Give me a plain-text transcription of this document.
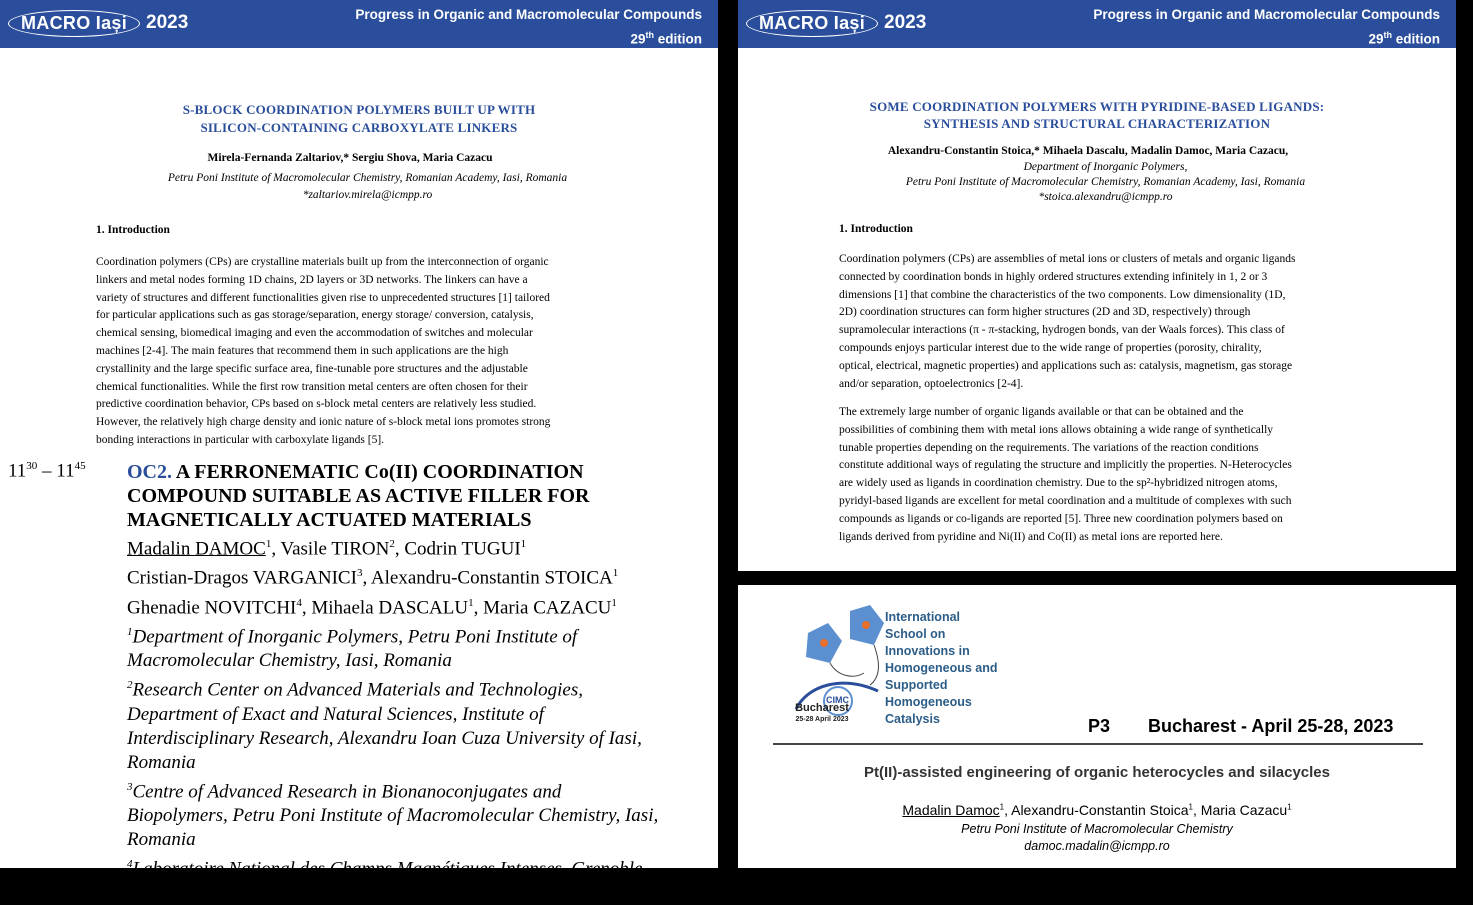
MACRO Iași	2023	Progress in Organic and Macromolecular Compounds
29th edition
S-BLOCK COORDINATION POLYMERS BUILT UP WITH
SILICON-CONTAINING CARBOXYLATE LINKERS
Mirela-Fernanda Zaltariov,* Sergiu Shova, Maria Cazacu
Petru Poni Institute of Macromolecular Chemistry, Romanian Academy, Iasi, Romania
*zaltariov.mirela@icmpp.ro
1. Introduction
Coordination polymers (CPs) are crystalline materials built up from the interconnection of organic
linkers and metal nodes forming 1D chains, 2D layers or 3D networks. The linkers can have a
variety of structures and different functionalities given rise to unprecedented structures [1] tailored
for particular applications such as gas storage/separation, energy storage/ conversion, catalysis,
chemical sensing, biomedical imaging and even the accommodation of switches and molecular
machines [2-4]. The main features that recommend them in such applications are the high
crystallinity and the large specific surface area, fine-tunable pore structures and the adjustable
chemical functionalities. While the first row transition metal centers are often chosen for their
predictive coordination behavior, CPs based on s-block metal centers are relatively less studied.
However, the relatively high charge density and ionic nature of s-block metal ions promotes strong
bonding interactions in particular with carboxylate ligands [5].
$11^{30} - 11^{45}$ OC2. A FERRONEMATIC Co(II) COORDINATION
COMPOUND SUITABLE AS ACTIVE FILLER FOR
MAGNETICALLY ACTUATED MATERIALS
Madalin DAMOC$^1$, Vasile TIRON$^2$, Codrin TUGUI$^1$
Cristian-Dragos VARGANICI$^3$, Alexandru-Constantin STOICA$^1$
Ghenadie NOVITCHI$^4$, Mihaela DASCALU$^1$, Maria CAZACU$^1$
$^1$Department of Inorganic Polymers, Petru Poni Institute of
Macromolecular Chemistry, Iasi, Romania
$^2$Research Center on Advanced Materials and Technologies,
Department of Exact and Natural Sciences, Institute of
Interdisciplinary Research, Alexandru Ioan Cuza University of Iasi,
Romania
$^3$Centre of Advanced Research in Bionanoconjugates and
Biopolymers, Petru Poni Institute of Macromolecular Chemistry, Iasi,
Romania
$^4$Laboratoire National des Champs Magnétiques Intenses, Grenoble,
France
MACRO Iași	2023	Progress in Organic and Macromolecular Compounds
29th edition
SOME COORDINATION POLYMERS WITH PYRIDINE-BASED LIGANDS:
SYNTHESIS AND STRUCTURAL CHARACTERIZATION
Alexandru-Constantin Stoica,* Mihaela Dascalu, Madalin Damoc, Maria Cazacu,
Department of Inorganic Polymers,
Petru Poni Institute of Macromolecular Chemistry, Romanian Academy, Iasi, Romania
*stoica.alexandru@icmpp.ro
1. Introduction
Coordination polymers (CPs) are assemblies of metal ions or clusters of metals and organic ligands
connected by coordination bonds in highly ordered structures extending infinitely in 1, 2 or 3
dimensions [1] that combine the characteristics of the two components. Low dimensionality (1D,
2D) coordination structures can form higher structures (2D and 3D, respectively) through
supramolecular interactions (π - π-stacking, hydrogen bonds, van der Waals forces). This class of
compounds enjoys particular interest due to the wide range of properties (porosity, chirality,
optical, electrical, magnetic properties) and applications such as: catalysis, magnetism, gas storage
and/or separation, optoelectronics [2-4].
The extremely large number of organic ligands available or that can be obtained and the
possibilities of combining them with metal ions allows obtaining a wide range of synthetically
tunable properties depending on the requirements. The variations of the reaction conditions
constitute additional ways of regulating the structure and implicitly the properties. N-Heterocycles
are widely used as ligands in coordination chemistry. Due to the sp²-hybridized nitrogen atoms,
pyridyl-based ligands are excellent for metal coordination and a multitude of complexes with such
compounds as ligands or co-ligands are reported [5]. Three new coordination polymers based on
ligands derived from pyridine and Ni(II) and Co(II) as metal ions are reported here.
CIMC
International
School on
Innovations in
Homogeneous and
Supported
Homogeneous
Catalysis
Bucharest
25-28 April 2023	P3 Bucharest - April 25-28, 2023
Pt(II)-assisted engineering of organic heterocycles and silacycles
Madalin Damoc$^1$, Alexandru-Constantin Stoica$^1$, Maria Cazacu$^1$
Petru Poni Institute of Macromolecular Chemistry
damoc.madalin@icmpp.ro
